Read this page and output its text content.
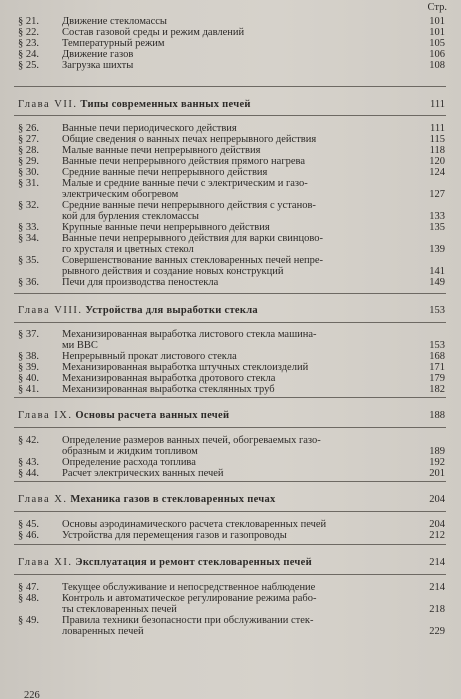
Стр.
§ 21. Движение стекломассы	101
§ 22. Состав газовой среды и режим давлений	101
§ 23. Температурный режим	105
§ 24. Движение газов	106
§ 25. Загрузка шихты	108
Глава VII. Типы современных ванных печей	111
§ 26. Ванные печи периодического действия	111
§ 27. Общие сведения о ванных печах непрерывного действия	115
§ 28. Малые ванные печи непрерывного действия	118
§ 29. Ванные печи непрерывного действия прямого нагрева	120
§ 30. Средние ванные печи непрерывного действия	124
§ 31. Малые и средние ванные печи с электрическим и газо-
электрическим обогревом	127
§ 32. Средние ванные печи непрерывного действия с установ-
кой для бурления стекломассы	133
§ 33. Крупные ванные печи непрерывного действия	135
§ 34. Ванные печи непрерывного действия для варки свинцово-
го хрусталя и цветных стекол	139
§ 35. Совершенствование ванных стекловаренных печей непре-
рывного действия и создание новых конструкций	141
§ 36. Печи для производства пеностекла	149
Глава VIII. Устройства для выработки стекла	153
§ 37. Механизированная выработка листового стекла машина-
ми ВВС	153
§ 38. Непрерывный прокат листового стекла	168
§ 39. Механизированная выработка штучных стеклоизделий	171
§ 40. Механизированная выработка дротового стекла	179
§ 41. Механизированная выработка стеклянных труб	182
Глава IX. Основы расчета ванных печей	188
§ 42. Определение размеров ванных печей, обогреваемых газо-
образным и жидким топливом	189
§ 43. Определение расхода топлива	192
§ 44. Расчет электрических ванных печей	201
Глава X. Механика газов в стекловаренных печах	204
§ 45. Основы аэродинамического расчета стекловаренных печей	204
§ 46. Устройства для перемещения газов и газопроводы	212
Глава XI. Эксплуатация и ремонт стекловаренных печей	214
§ 47. Текущее обслуживание и непосредственное наблюдение	214
§ 48. Контроль и автоматическое регулирование режима рабо-
ты стекловаренных печей	218
§ 49. Правила техники безопасности при обслуживании стек-
ловаренных печей	229
226
